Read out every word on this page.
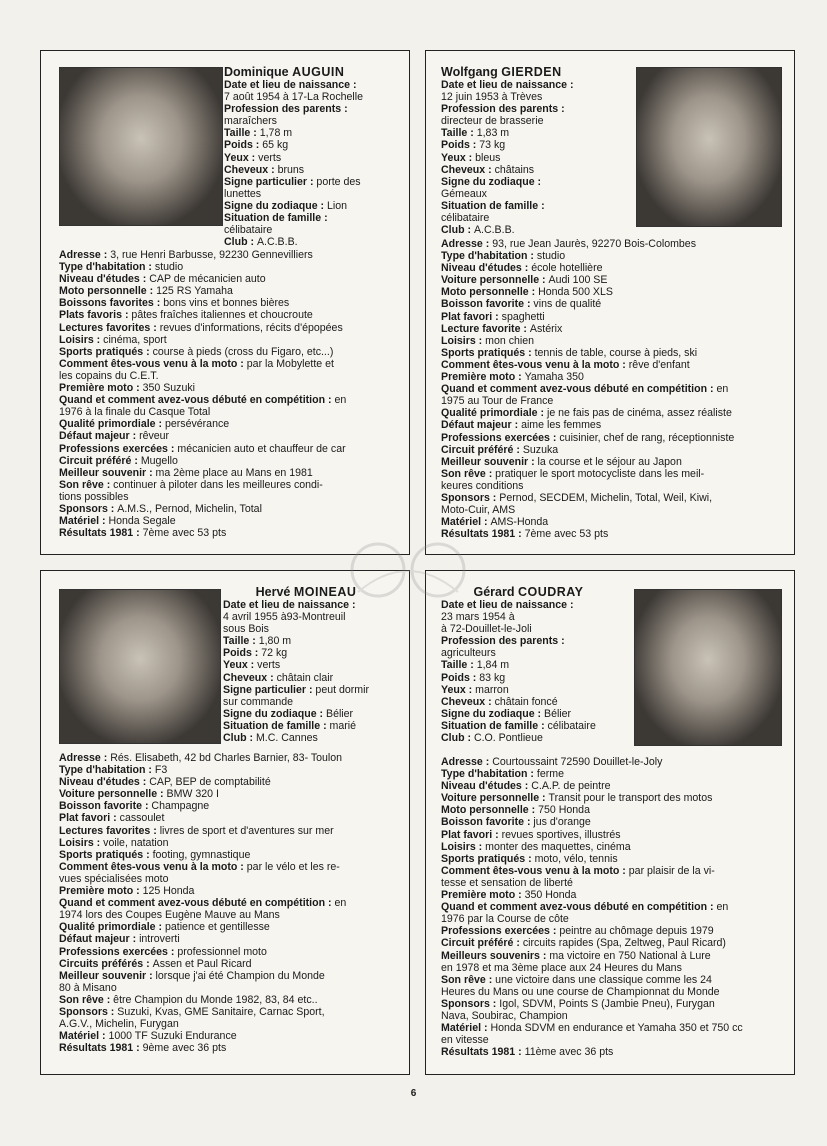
Dominique AUGUIN
Date et lieu de naissance :
7 août 1954 à 17-La Rochelle
Profession des parents :
maraîchers
Taille : 1,78 m
Poids : 65 kg
Yeux : verts
Cheveux : bruns
Signe particulier : porte des
lunettes
Signe du zodiaque : Lion
Situation de famille :
célibataire
Club : A.C.B.B.
Adresse : 3, rue Henri Barbusse, 92230 Gennevilliers
Type d'habitation : studio
Niveau d'études : CAP de mécanicien auto
Moto personnelle : 125 RS Yamaha
Boissons favorites : bons vins et bonnes bières
Plats favoris : pâtes fraîches italiennes et choucroute
Lectures favorites : revues d'informations, récits d'épopées
Loisirs : cinéma, sport
Sports pratiqués : course à pieds (cross du Figaro, etc...)
Comment êtes-vous venu à la moto : par la Mobylette et
les copains du C.E.T.
Première moto : 350 Suzuki
Quand et comment avez-vous débuté en compétition : en
1976 à la finale du Casque Total
Qualité primordiale : persévérance
Défaut majeur : rêveur
Professions exercées : mécanicien auto et chauffeur de car
Circuit préféré : Mugello
Meilleur souvenir : ma 2ème place au Mans en 1981
Son rêve : continuer à piloter dans les meilleures condi-
tions possibles
Sponsors : A.M.S., Pernod, Michelin, Total
Matériel : Honda Segale
Résultats 1981 : 7ème avec 53 pts
Wolfgang GIERDEN
Date et lieu de naissance :
12 juin 1953 à Trèves
Profession des parents :
directeur de brasserie
Taille : 1,83 m
Poids : 73 kg
Yeux : bleus
Cheveux : châtains
Signe du zodiaque :
Gémeaux
Situation de famille :
célibataire
Club : A.C.B.B.
Adresse : 93, rue Jean Jaurès, 92270 Bois-Colombes
Type d'habitation : studio
Niveau d'études : école hotellière
Voiture personnelle : Audi 100 SE
Moto personnelle : Honda 500 XLS
Boisson favorite : vins de qualité
Plat favori : spaghetti
Lecture favorite : Astérix
Loisirs : mon chien
Sports pratiqués : tennis de table, course à pieds, ski
Comment êtes-vous venu à la moto : rêve d'enfant
Première moto : Yamaha 350
Quand et comment avez-vous débuté en compétition : en
1975 au Tour de France
Qualité primordiale : je ne fais pas de cinéma, assez réaliste
Défaut majeur : aime les femmes
Professions exercées : cuisinier, chef de rang, réceptionniste
Circuit préféré : Suzuka
Meilleur souvenir : la course et le séjour au Japon
Son rêve : pratiquer le sport motocycliste dans les meil-
keures conditions
Sponsors : Pernod, SECDEM, Michelin, Total, Weil, Kiwi,
Moto-Cuir, AMS
Matériel : AMS-Honda
Résultats 1981 : 7ème avec 53 pts
Hervé MOINEAU
Date et lieu de naissance :
4 avril 1955 à93-Montreuil
sous Bois
Taille : 1,80 m
Poids : 72 kg
Yeux : verts
Cheveux : châtain clair
Signe particulier : peut dormir
sur commande
Signe du zodiaque : Bélier
Situation de famille : marié
Club : M.C. Cannes
Adresse : Rés. Elisabeth, 42 bd Charles Barnier, 83- Toulon
Type d'habitation : F3
Niveau d'études : CAP, BEP de comptabilité
Voiture personnelle : BMW 320 I
Boisson favorite : Champagne
Plat favori : cassoulet
Lectures favorites : livres de sport et d'aventures sur mer
Loisirs : voile, natation
Sports pratiqués : footing, gymnastique
Comment êtes-vous venu à la moto : par le vélo et les re-
vues spécialisées moto
Première moto : 125 Honda
Quand et comment avez-vous débuté en compétition : en
1974 lors des Coupes Eugène Mauve au Mans
Qualité primordiale : patience et gentillesse
Défaut majeur : introverti
Professions exercées : professionnel moto
Circuits préférés : Assen et Paul Ricard
Meilleur souvenir : lorsque j'ai été Champion du Monde
80 à Misano
Son rêve : être Champion du Monde 1982, 83, 84 etc..
Sponsors : Suzuki, Kvas, GME Sanitaire, Carnac Sport,
A.G.V., Michelin, Furygan
Matériel : 1000 TF Suzuki Endurance
Résultats 1981 : 9ème avec 36 pts
Gérard COUDRAY
Date et lieu de naissance :
23 mars 1954 à
à 72-Douillet-le-Joli
Profession des parents :
agriculteurs
Taille : 1,84 m
Poids : 83 kg
Yeux : marron
Cheveux : châtain foncé
Signe du zodiaque : Bélier
Situation de famille : célibataire
Club : C.O. Pontlieue
Adresse : Courtoussaint 72590 Douillet-le-Joly
Type d'habitation : ferme
Niveau d'études : C.A.P. de peintre
Voiture personnelle : Transit pour le transport des motos
Moto personnelle : 750 Honda
Boisson favorite : jus d'orange
Plat favori : revues sportives, illustrés
Loisirs : monter des maquettes, cinéma
Sports pratiqués : moto, vélo, tennis
Comment êtes-vous venu à la moto : par plaisir de la vi-
tesse et sensation de liberté
Première moto : 350 Honda
Quand et comment avez-vous débuté en compétition : en
1976 par la Course de côte
Professions exercées : peintre au chômage depuis 1979
Circuit préféré : circuits rapides (Spa, Zeltweg, Paul Ricard)
Meilleurs souvenirs : ma victoire en 750 National à Lure
en 1978 et ma 3ème place aux 24 Heures du Mans
Son rêve : une victoire dans une classique comme les 24
Heures du Mans ou une course de Championnat du Monde
Sponsors : Igol, SDVM, Points S (Jambie Pneu), Furygan
Nava, Soubirac, Champion
Matériel : Honda SDVM en endurance et Yamaha 350 et 750 cc
en vitesse
Résultats 1981 : 11ème avec 36 pts
6
